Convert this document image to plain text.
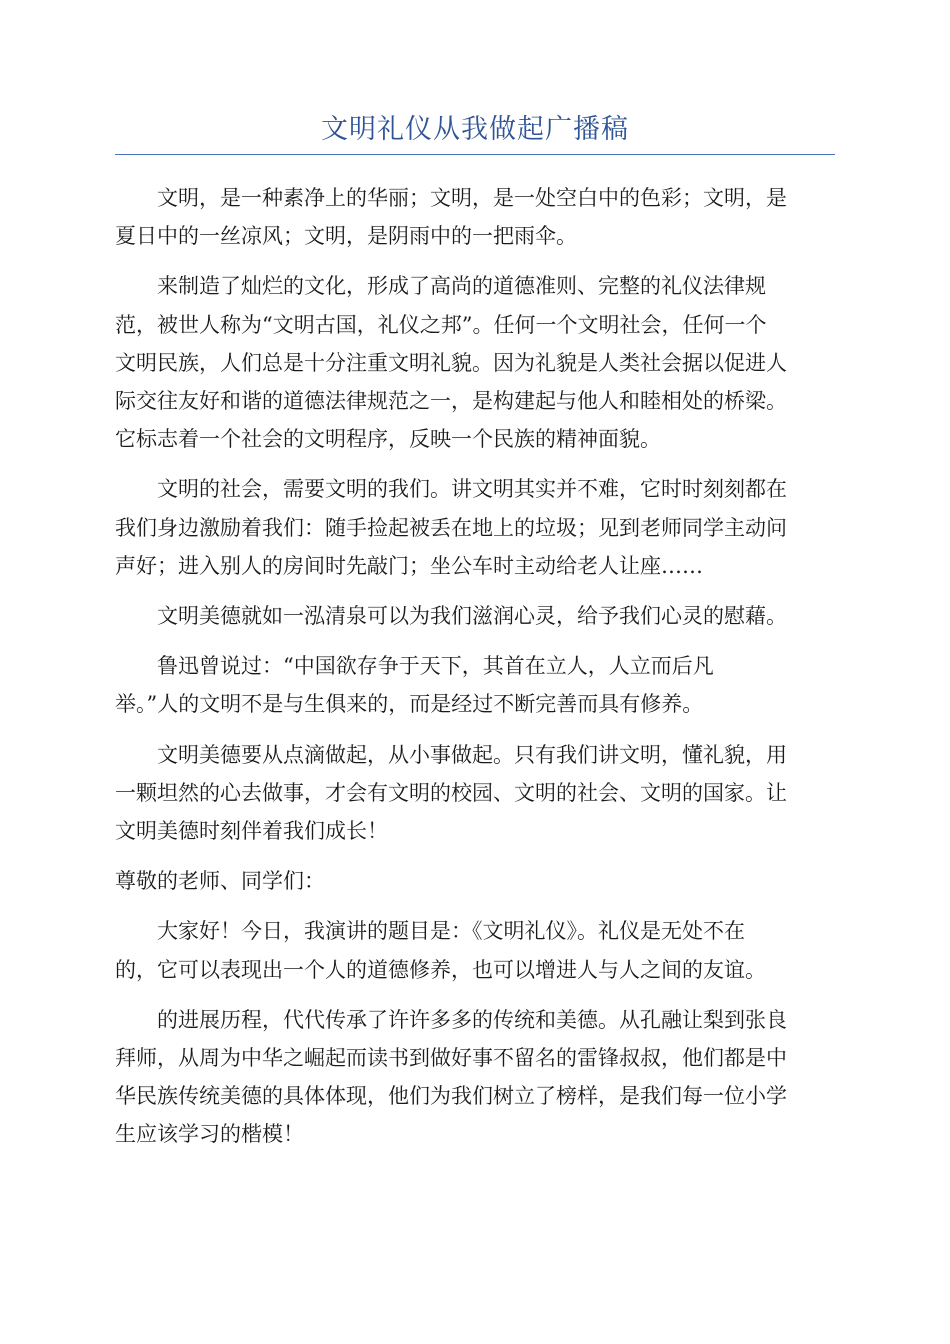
文明礼仪从我做起广播稿

文明，是一种素净上的华丽；文明，是一处空白中的色彩；文明，是
夏日中的一丝凉风；文明，是阴雨中的一把雨伞。

来制造了灿烂的文化，形成了高尚的道德准则、完整的礼仪法律规
范，被世人称为“文明古国，礼仪之邦”。任何一个文明社会，任何一个
文明民族，人们总是十分注重文明礼貌。因为礼貌是人类社会据以促进人
际交往友好和谐的道德法律规范之一，是构建起与他人和睦相处的桥梁。
它标志着一个社会的文明程序，反映一个民族的精神面貌。

文明的社会，需要文明的我们。讲文明其实并不难，它时时刻刻都在
我们身边激励着我们：随手捡起被丢在地上的垃圾；见到老师同学主动问
声好；进入别人的房间时先敲门；坐公车时主动给老人让座……

文明美德就如一泓清泉可以为我们滋润心灵，给予我们心灵的慰藉。

鲁迅曾说过：“中国欲存争于天下，其首在立人，人立而后凡
举。”人的文明不是与生俱来的，而是经过不断完善而具有修养。

文明美德要从点滴做起，从小事做起。只有我们讲文明，懂礼貌，用
一颗坦然的心去做事，才会有文明的校园、文明的社会、文明的国家。让
文明美德时刻伴着我们成长！

尊敬的老师、同学们：

大家好！今日，我演讲的题目是：《文明礼仪》。礼仪是无处不在
的，它可以表现出一个人的道德修养，也可以增进人与人之间的友谊。

的进展历程，代代传承了许许多多的传统和美德。从孔融让梨到张良
拜师，从周为中华之崛起而读书到做好事不留名的雷锋叔叔，他们都是中
华民族传统美德的具体体现，他们为我们树立了榜样，是我们每一位小学
生应该学习的楷模！
